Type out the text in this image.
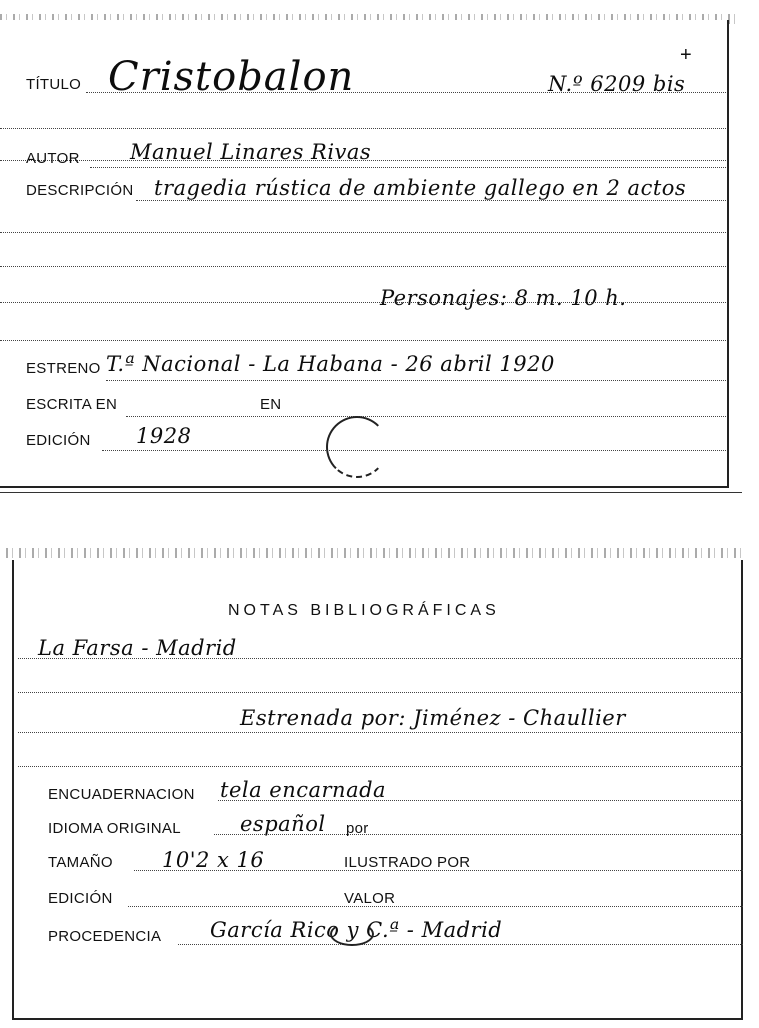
TÍTULO Cristobalon	N.º 6209 bis
+
AUTOR Manuel Linares Rivas
DESCRIPCIÓN tragedia rústica de ambiente gallego en 2 actos
Personajes: 8 m. 10 h.
ESTRENO T.ª Nacional - La Habana - 26 abril 1920
ESCRITA EN	EN
EDICIÓN 1928
NOTAS BIBLIOGRÁFICAS
La Farsa - Madrid
Estrenada por: Jiménez - Chaullier
ENCUADERNACION tela encarnada
IDIOMA ORIGINAL	español por
TAMAÑO 10'2 x 16	ILUSTRADO POR
EDICIÓN	VALOR
PROCEDENCIA García Rico y C.ª - Madrid
